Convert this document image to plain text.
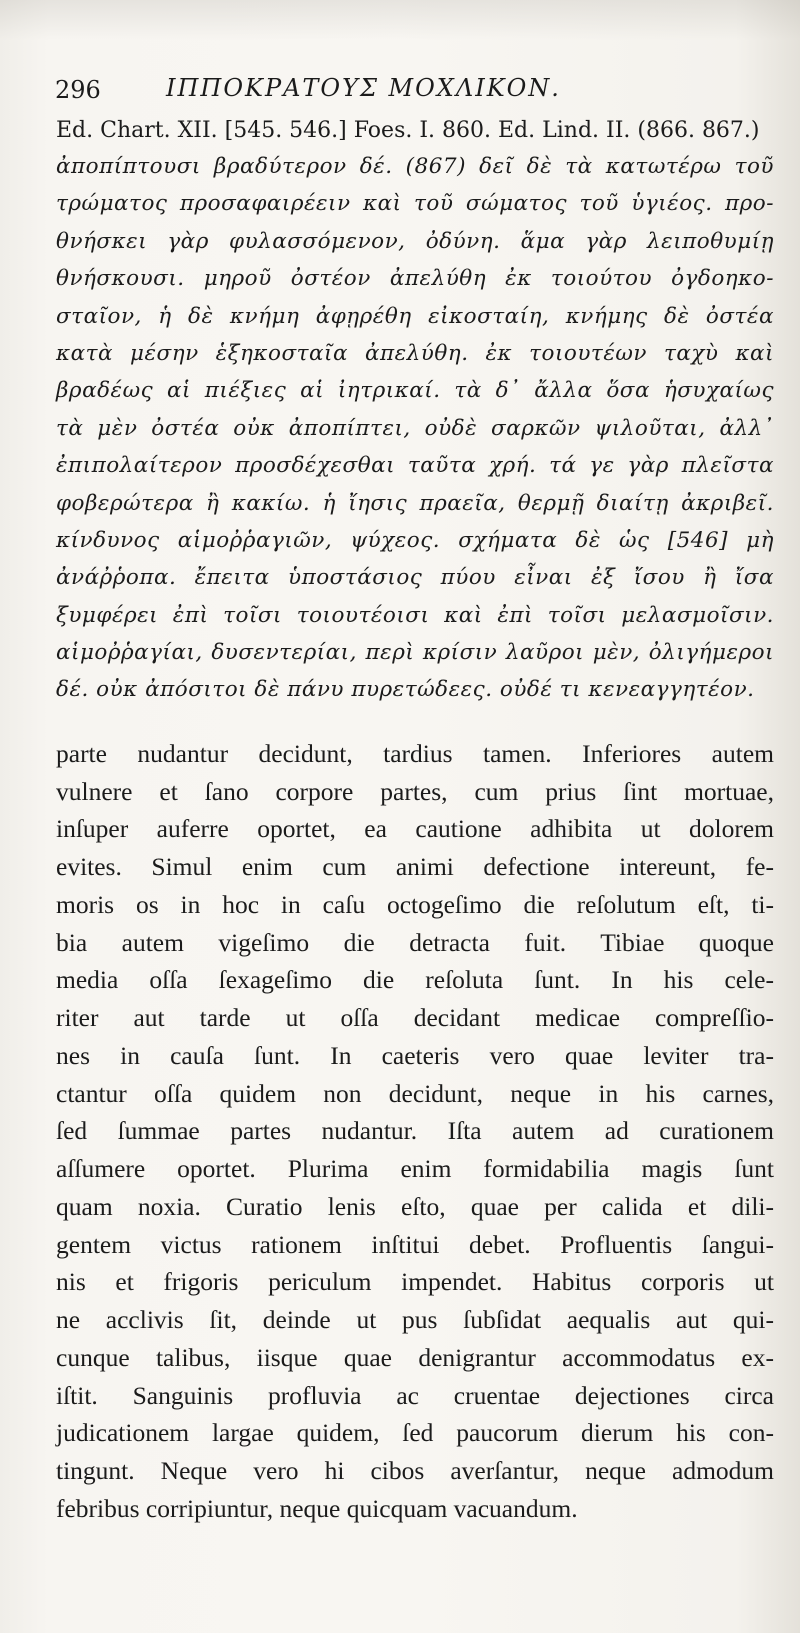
296	ΙΠΠΟΚΡΑΤΟΥΣ ΜΟΧΛΙΚΟΝ.
Ed. Chart. XII. [545. 546.] Foes. I. 860. Ed. Lind. II. (866. 867.)
ἀποπίπτουσι βραδύτερον δέ. (867) δεῖ δὲ τὰ κατωτέρω τοῦ
τρώματος προσαφαιρέειν καὶ τοῦ σώματος τοῦ ὑγιέος. προ-
θνήσκει γὰρ φυλασσόμενον, ὀδύνη. ἅμα γὰρ λειποθυμίῃ
θνήσκουσι. μηροῦ ὀστέον ἀπελύθη ἐκ τοιούτου ὀγδοηκο-
σταῖον, ἡ δὲ κνήμη ἀφῃρέθη εἰκοσταίη, κνήμης δὲ ὀστέα
κατὰ μέσην ἑξηκοσταῖα ἀπελύθη. ἐκ τοιουτέων ταχὺ καὶ
βραδέως αἱ πιέξιες αἱ ἰητρικαί. τὰ δ᾽ ἄλλα ὅσα ἡσυχαίως
τὰ μὲν ὀστέα οὐκ ἀποπίπτει, οὐδὲ σαρκῶν ψιλοῦται, ἀλλ᾽
ἐπιπολαίτερον προσδέχεσθαι ταῦτα χρή. τά γε γὰρ πλεῖστα
φοβερώτερα ἢ κακίω. ἡ ἴησις πραεῖα, θερμῇ διαίτῃ ἀκριβεῖ.
κίνδυνος αἱμοῤῥαγιῶν, ψύχεος. σχήματα δὲ ὡς [546] μὴ
ἀνάῤῥοπα. ἔπειτα ὑποστάσιος πύου εἶναι ἐξ ἴσου ἢ ἴσα
ξυμφέρει ἐπὶ τοῖσι τοιουτέοισι καὶ ἐπὶ τοῖσι μελασμοῖσιν.
αἱμοῤῥαγίαι, δυσεντερίαι, περὶ κρίσιν λαῦροι μὲν, ὀλιγήμεροι
δέ. οὐκ ἀπόσιτοι δὲ πάνυ πυρετώδεες. οὐδέ τι κενεαγγητέον.
parte nudantur decidunt, tardius tamen. Inferiores autem
vulnere et ſano corpore partes, cum prius ſint mortuae,
inſuper auferre oportet, ea cautione adhibita ut dolorem
evites. Simul enim cum animi defectione intereunt, fe-
moris os in hoc in caſu octogeſimo die reſolutum eſt, ti-
bia autem vigeſimo die detracta fuit. Tibiae quoque
media oſſa ſexageſimo die reſoluta ſunt. In his cele-
riter aut tarde ut oſſa decidant medicae compreſſio-
nes in cauſa ſunt. In caeteris vero quae leviter tra-
ctantur oſſa quidem non decidunt, neque in his carnes,
ſed ſummae partes nudantur. Iſta autem ad curationem
aſſumere oportet. Plurima enim formidabilia magis ſunt
quam noxia. Curatio lenis eſto, quae per calida et dili-
gentem victus rationem inſtitui debet. Profluentis ſangui-
nis et frigoris periculum impendet. Habitus corporis ut
ne acclivis ſit, deinde ut pus ſubſidat aequalis aut qui-
cunque talibus, iisque quae denigrantur accommodatus ex-
iſtit. Sanguinis profluvia ac cruentae dejectiones circa
judicationem largae quidem, ſed paucorum dierum his con-
tingunt. Neque vero hi cibos averſantur, neque admodum
febribus corripiuntur, neque quicquam vacuandum.
